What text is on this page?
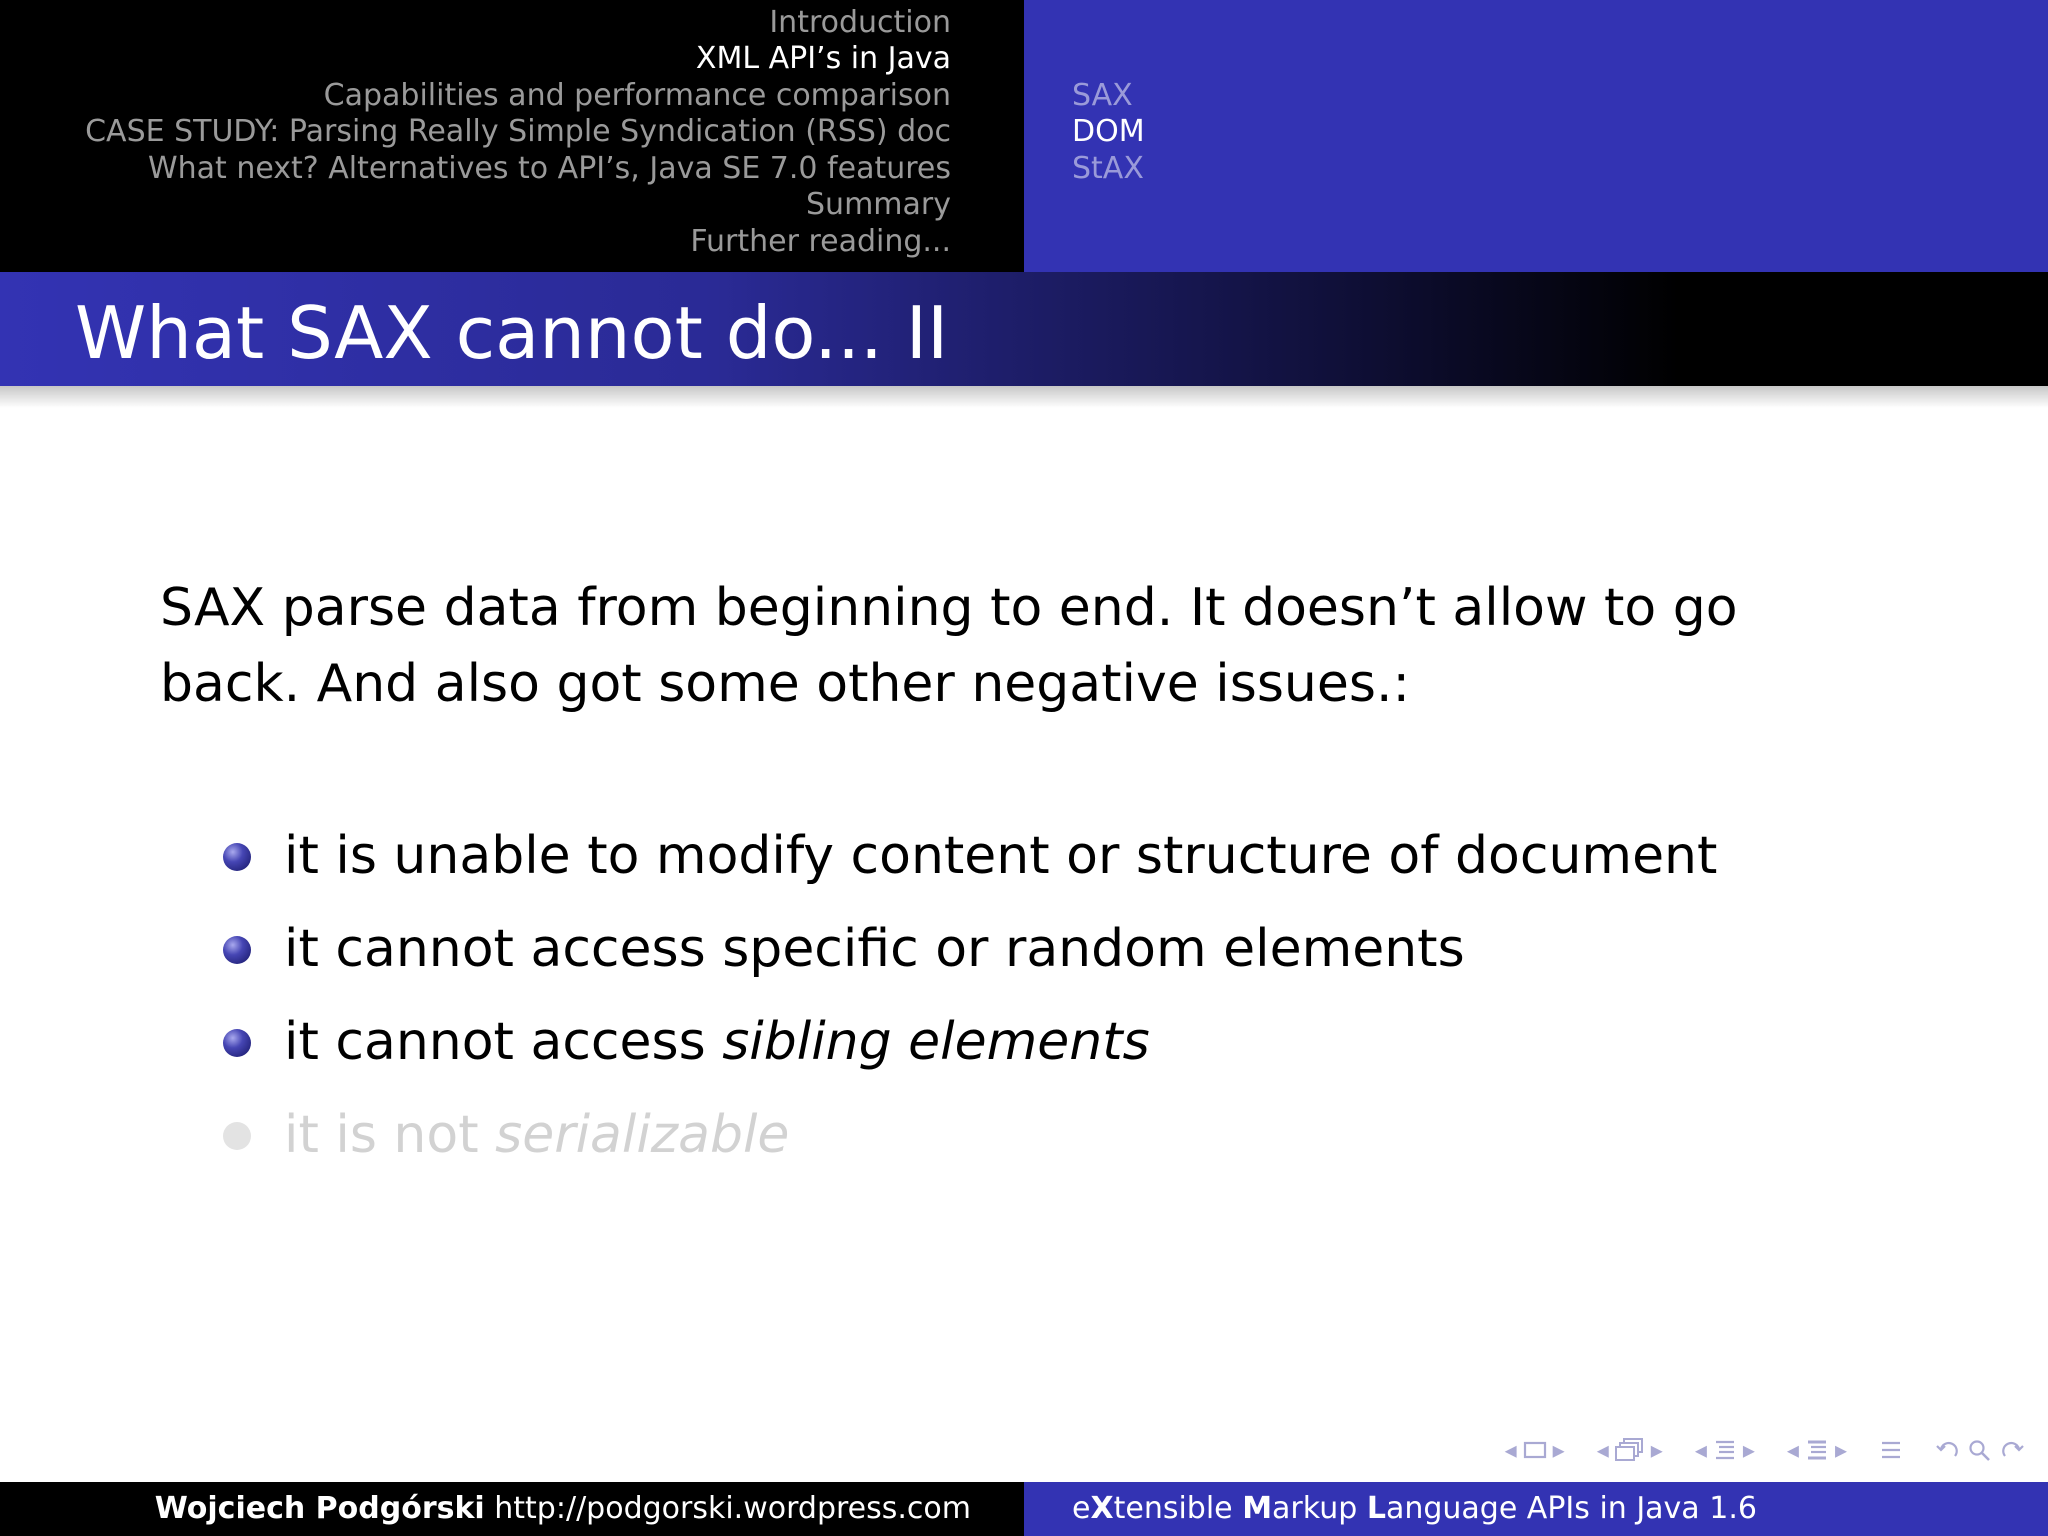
Introduction
XML API’s in Java
Capabilities and performance comparison
CASE STUDY: Parsing Really Simple Syndication (RSS) doc
What next? Alternatives to API’s, Java SE 7.0 features
Summary
Further reading...
SAX
DOM
StAX
What SAX cannot do... II
SAX parse data from beginning to end. It doesn’t allow to go
back. And also got some other negative issues.:
it is unable to modify content or structure of document
it cannot access specific or random elements
it cannot access sibling elements
it is not serializable
◂ ▸ ◂ ▸ ◂ ▸ ◂ ▸
Wojciech Podgórski http://podgorski.wordpress.com	eXtensible Markup Language APIs in Java 1.6
